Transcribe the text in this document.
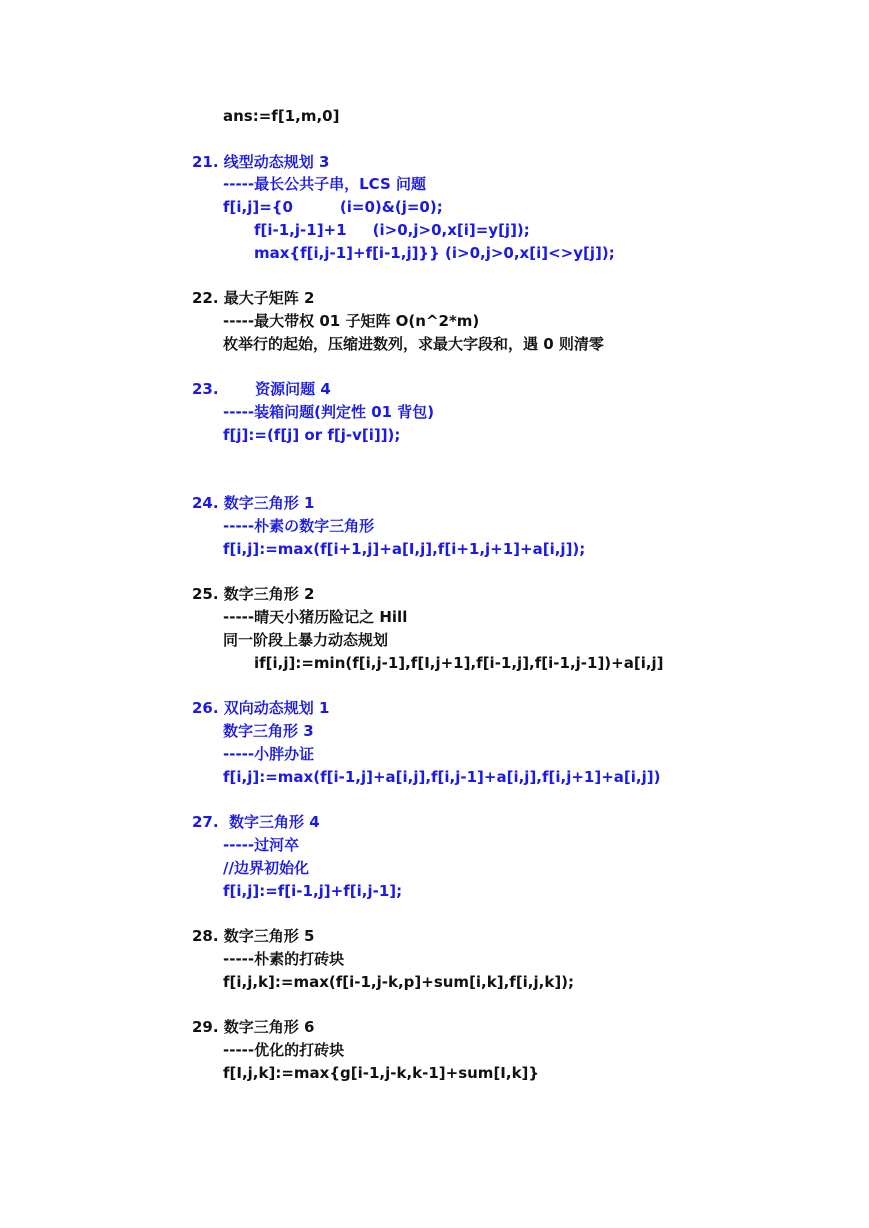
ans:=f[1,m,0]

21. 线型动态规划 3

-----最长公共子串，LCS 问题

f[i,j]={0         (i=0)&(j=0);

f[i-1,j-1]+1     (i>0,j>0,x[i]=y[j]);

max{f[i,j-1]+f[i-1,j]}} (i>0,j>0,x[i]<>y[j]);

22. 最大子矩阵 2

-----最大带权 01 子矩阵 O(n^2*m)

枚举行的起始，压缩进数列，求最大字段和，遇 0 则清零

23.       资源问题 4

-----装箱问题(判定性 01 背包)

f[j]:=(f[j] or f[j-v[i]]);

24. 数字三角形 1

-----朴素の数字三角形

f[i,j]:=max(f[i+1,j]+a[I,j],f[i+1,j+1]+a[i,j]);

25. 数字三角形 2

-----晴天小猪历险记之 Hill

同一阶段上暴力动态规划

if[i,j]:=min(f[i,j-1],f[I,j+1],f[i-1,j],f[i-1,j-1])+a[i,j]

26. 双向动态规划 1

数字三角形 3

-----小胖办证

f[i,j]:=max(f[i-1,j]+a[i,j],f[i,j-1]+a[i,j],f[i,j+1]+a[i,j])

27.  数字三角形 4

-----过河卒

//边界初始化

f[i,j]:=f[i-1,j]+f[i,j-1];

28. 数字三角形 5

-----朴素的打砖块

f[i,j,k]:=max(f[i-1,j-k,p]+sum[i,k],f[i,j,k]);

29. 数字三角形 6

-----优化的打砖块

f[I,j,k]:=max{g[i-1,j-k,k-1]+sum[I,k]}
